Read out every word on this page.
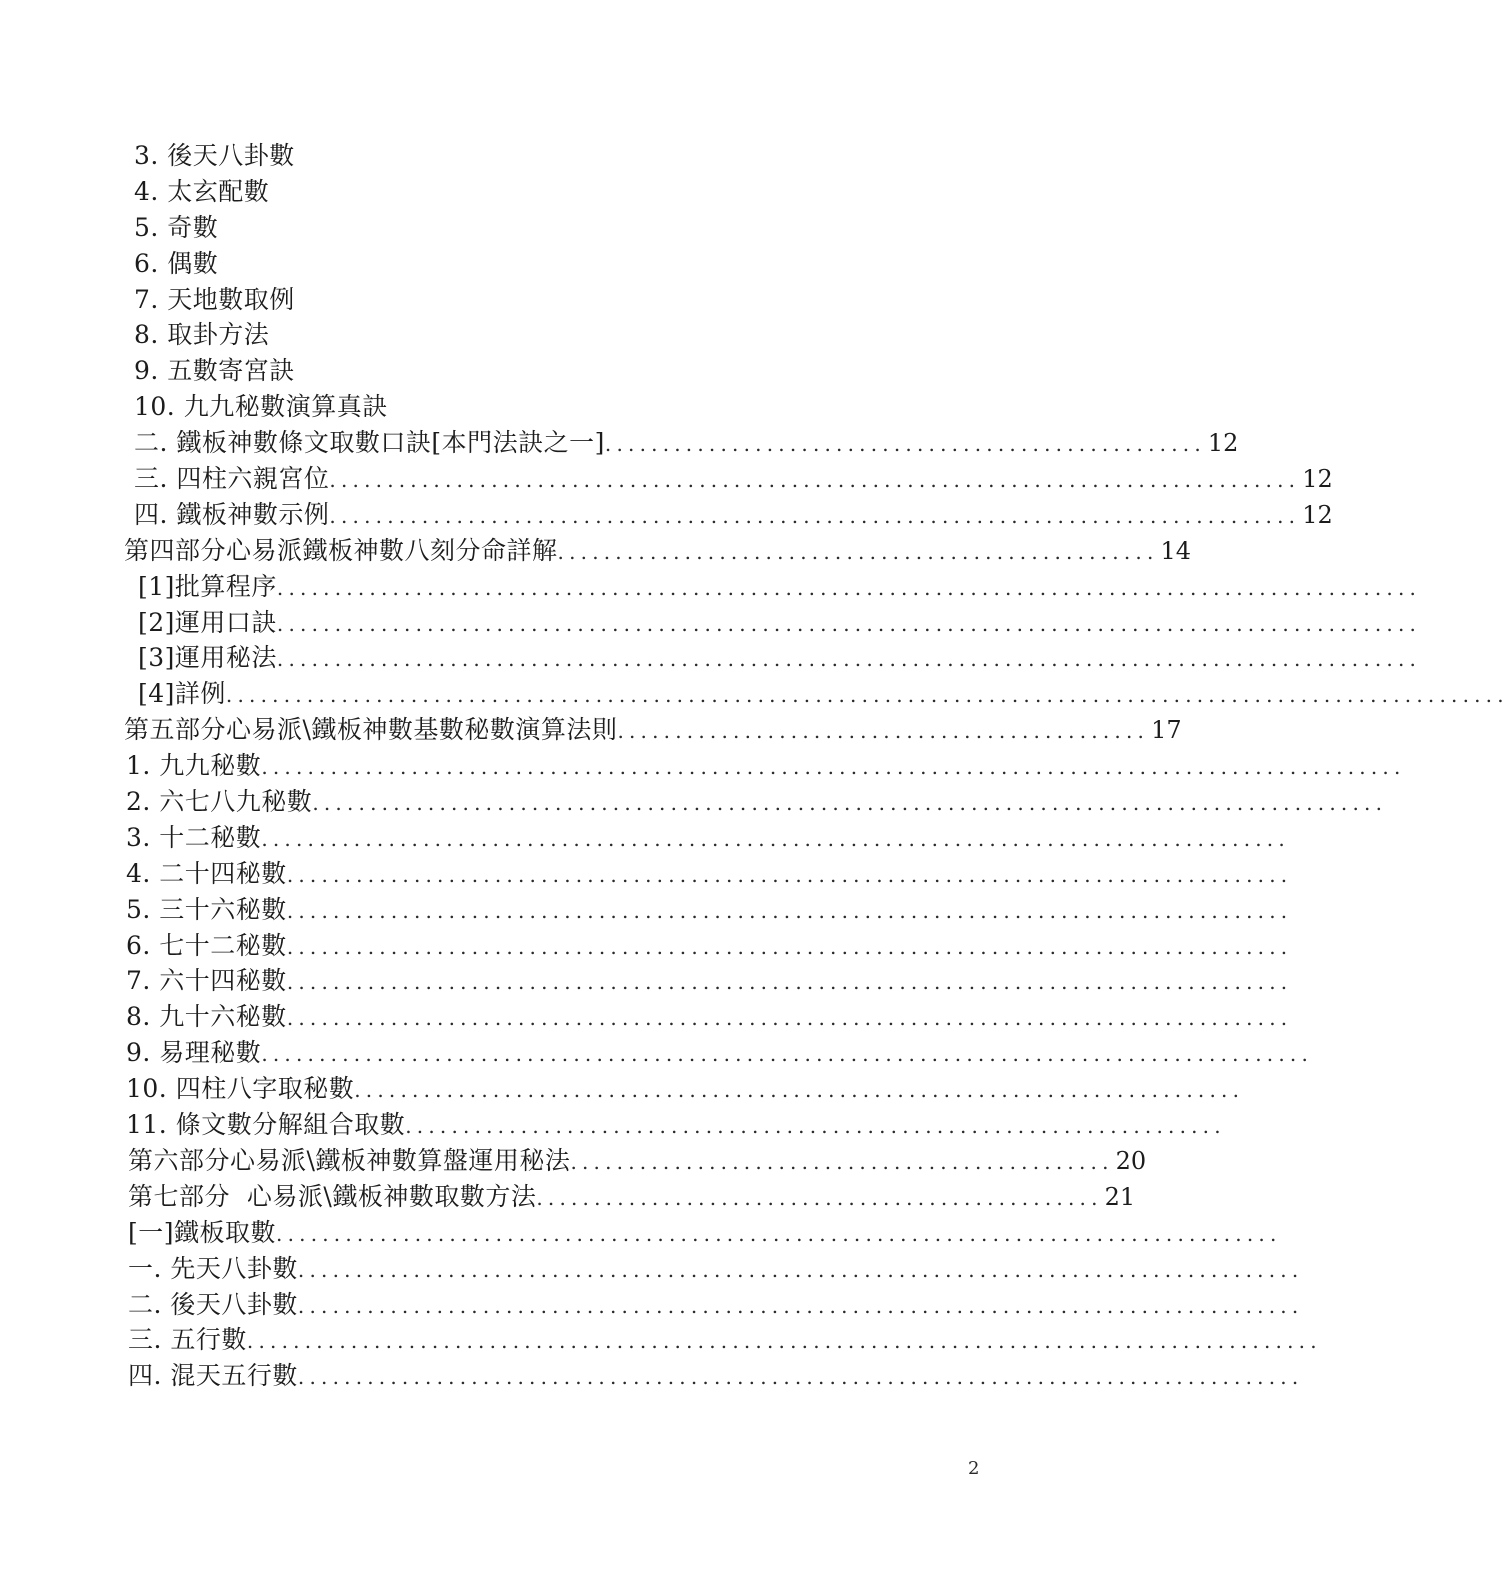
3. 後天八卦數
4. 太玄配數
5. 奇數
6. 偶數
7. 天地數取例
8. 取卦方法
9. 五數寄宮訣
10. 九九秘數演算真訣
二. 鐵板神數條文取數口訣[本門法訣之一] .................................................... 12
三. 四柱六親宮位 .................................................................................... 12
四. 鐵板神數示例 .................................................................................... 12
第四部分心易派鐵板神數八刻分命詳解 .................................................... 14
[1]批算程序 ...................................................................................................
[2]運用口訣 ...................................................................................................
[3]運用秘法 ...................................................................................................
[4]詳例 ...............................................................................................................
第五部分心易派\鐵板神數基數秘數演算法則 .............................................. 17
1. 九九秘數 ...................................................................................................
2. 六七八九秘數 .............................................................................................
3. 十二秘數 .........................................................................................
4. 二十四秘數 .......................................................................................
5. 三十六秘數 .......................................................................................
6. 七十二秘數 .......................................................................................
7. 六十四秘數 .......................................................................................
8. 九十六秘數 .......................................................................................
9. 易理秘數 ...........................................................................................
10. 四柱八字取秘數 .............................................................................
11. 條文數分解組合取數 .......................................................................
第六部分心易派\鐵板神數算盤運用秘法 ............................................... 20
第七部分  心易派\鐵板神數取數方法 ................................................. 21
[一]鐵板取數 .......................................................................................
一. 先天八卦數 .......................................................................................
二. 後天八卦數 .......................................................................................
三. 五行數 .............................................................................................
四. 混天五行數 .......................................................................................
2
